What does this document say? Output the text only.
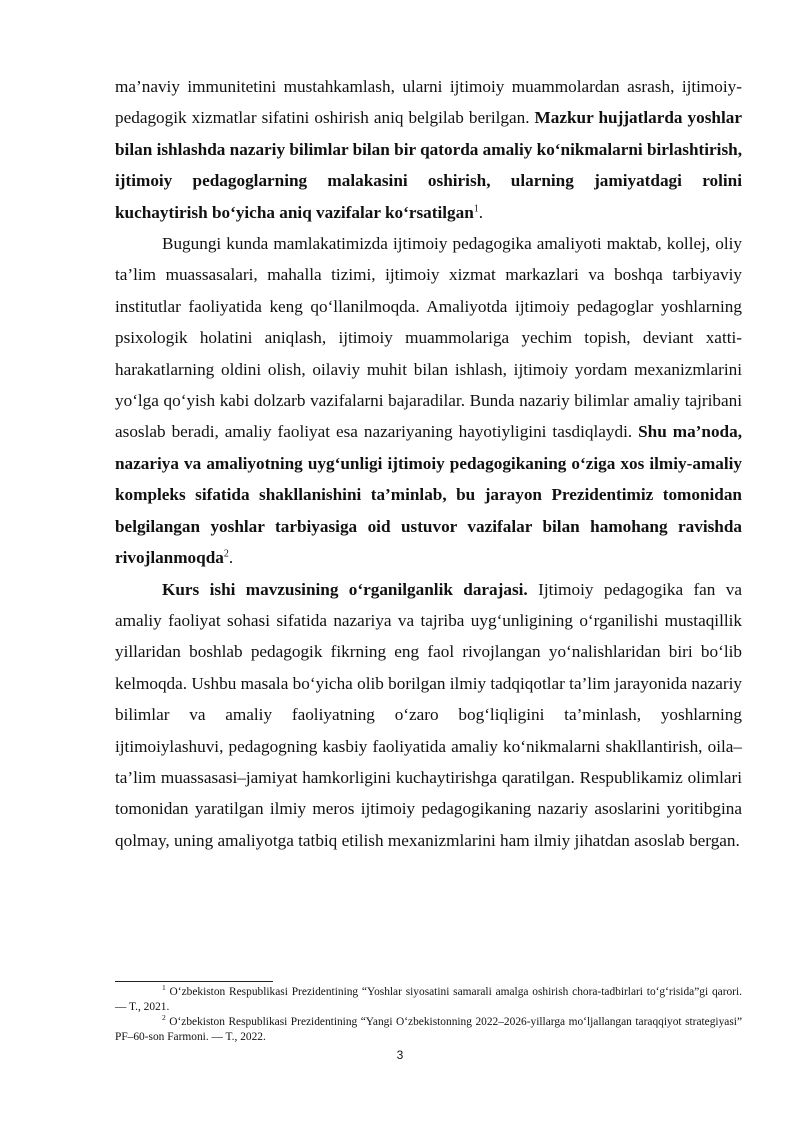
ma’naviy immunitetini mustahkamlash, ularni ijtimoiy muammolardan asrash, ijtimoiy-pedagogik xizmatlar sifatini oshirish aniq belgilab berilgan. Mazkur hujjatlarda yoshlar bilan ishlashda nazariy bilimlar bilan bir qatorda amaliy koʻnikmalarni birlashtirish, ijtimoiy pedagoglarning malakasini oshirish, ularning jamiyatdagi rolini kuchaytirish boʻyicha aniq vazifalar koʻrsatilgan$^1$.

Bugungi kunda mamlakatimizda ijtimoiy pedagogika amaliyoti maktab, kollej, oliy ta’lim muassasalari, mahalla tizimi, ijtimoiy xizmat markazlari va boshqa tarbiyaviy institutlar faoliyatida keng qoʻllanilmoqda. Amaliyotda ijtimoiy pedagoglar yoshlarning psixologik holatini aniqlash, ijtimoiy muammolariga yechim topish, deviant xatti-harakatlarning oldini olish, oilaviy muhit bilan ishlash, ijtimoiy yordam mexanizmlarini yoʻlga qoʻyish kabi dolzarb vazifalarni bajaradilar. Bunda nazariy bilimlar amaliy tajribani asoslab beradi, amaliy faoliyat esa nazariyaning hayotiyligini tasdiqlaydi. Shu ma’noda, nazariya va amaliyotning uygʻunligi ijtimoiy pedagogikaning oʻziga xos ilmiy-amaliy kompleks sifatida shakllanishini ta’minlab, bu jarayon Prezidentimiz tomonidan belgilangan yoshlar tarbiyasiga oid ustuvor vazifalar bilan hamohang ravishda rivojlanmoqda$^2$.

Kurs ishi mavzusining oʻrganilganlik darajasi. Ijtimoiy pedagogika fan va amaliy faoliyat sohasi sifatida nazariya va tajriba uygʻunligining oʻrganilishi mustaqillik yillaridan boshlab pedagogik fikrning eng faol rivojlangan yoʻnalishlaridan biri boʻlib kelmoqda. Ushbu masala boʻyicha olib borilgan ilmiy tadqiqotlar ta’lim jarayonida nazariy bilimlar va amaliy faoliyatning oʻzaro bogʻliqligini ta’minlash, yoshlarning ijtimoiylashuvi, pedagogning kasbiy faoliyatida amaliy koʻnikmalarni shakllantirish, oila–ta’lim muassasasi–jamiyat hamkorligini kuchaytirishga qaratilgan. Respublikamiz olimlari tomonidan yaratilgan ilmiy meros ijtimoiy pedagogikaning nazariy asoslarini yoritibgina qolmay, uning amaliyotga tatbiq etilish mexanizmlarini ham ilmiy jihatdan asoslab bergan.

$^1$ Oʻzbekiston Respublikasi Prezidentining “Yoshlar siyosatini samarali amalga oshirish chora-tadbirlari toʻgʻrisida”gi qarori. — T., 2021.

$^2$ Oʻzbekiston Respublikasi Prezidentining “Yangi Oʻzbekistonning 2022–2026-yillarga moʻljallangan taraqqiyot strategiyasi” PF–60-son Farmoni. — T., 2022.

3
